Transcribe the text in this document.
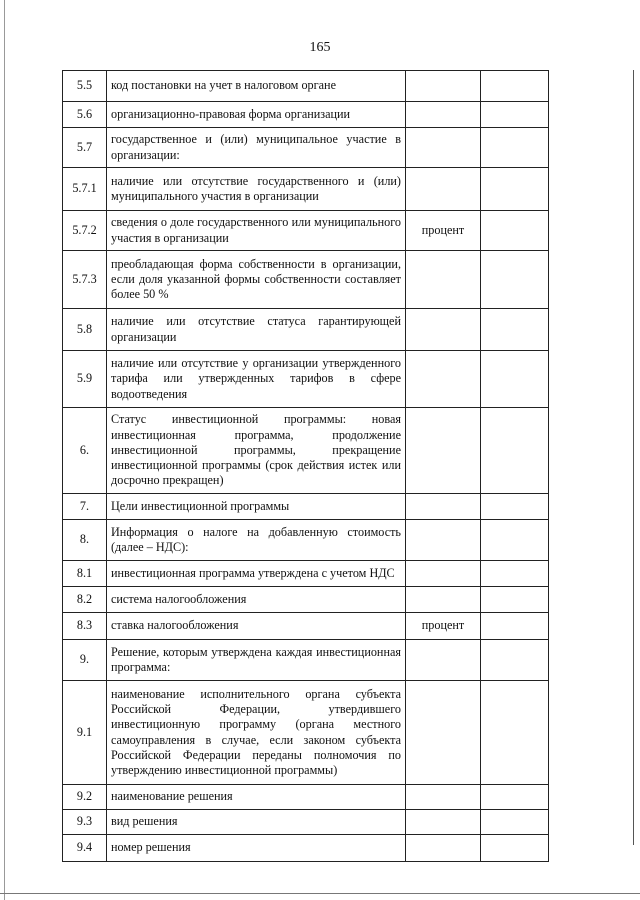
165
5.5	код постановки на учет в налоговом органе		
5.6	организационно-правовая форма организации		
5.7	государственное и (или) муниципальное участие в организации:		
5.7.1	наличие или отсутствие государственного и (или) муниципального участия в организации		
5.7.2	сведения о доле государственного или муниципального участия в организации	процент	
5.7.3	преобладающая форма собственности в организации, если доля указанной формы собственности составляет более 50 %		
5.8	наличие или отсутствие статуса гарантирующей организации		
5.9	наличие или отсутствие у организации утвержденного тарифа или утвержденных тарифов в сфере водоотведения		
6.	Статус инвестиционной программы: новая инвестиционная программа, продолжение инвестиционной программы, прекращение инвестиционной программы (срок действия истек или досрочно прекращен)		
7.	Цели инвестиционной программы		
8.	Информация о налоге на добавленную стоимость (далее – НДС):		
8.1	инвестиционная программа утверждена с учетом НДС		
8.2	система налогообложения		
8.3	ставка налогообложения	процент	
9.	Решение, которым утверждена каждая инвестиционная программа:		
9.1	наименование исполнительного органа субъекта Российской Федерации, утвердившего инвестиционную программу (органа местного самоуправления в случае, если законом субъекта Российской Федерации переданы полномочия по утверждению инвестиционной программы)		
9.2	наименование решения		
9.3	вид решения		
9.4	номер решения		
